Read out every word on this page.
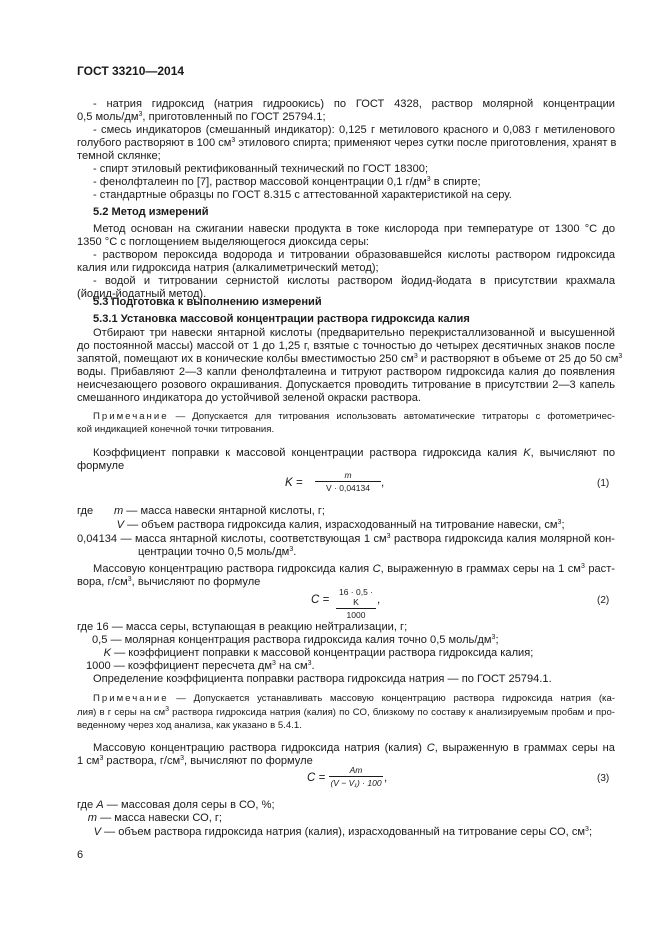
ГОСТ 33210—2014
- натрия гидроксид (натрия гидроокись) по ГОСТ 4328, раствор молярной концентрации
0,5 моль/$дм^3$, приготовленный по ГОСТ 25794.1;
- смесь индикаторов (смешанный индикатор): 0,125 г метилового красного и 0,083 г метиленового
голубого растворяют в 100 $см^3$ этилового спирта; применяют через сутки после приготовления, хранят в
темной склянке;
- спирт этиловый ректификованный технический по ГОСТ 18300;
- фенолфталеин по [7], раствор массовой концентрации 0,1 $г/дм^3$ в спирте;
- стандартные образцы по ГОСТ 8.315 с аттестованной характеристикой на серу.
5.2 Метод измерений
Метод основан на сжигании навески продукта в токе кислорода при температуре от 1300 °С до
1350 °С с поглощением выделяющегося диоксида серы:
- раствором пероксида водорода и титровании образовавшейся кислоты раствором гидроксида
калия или гидроксида натрия (алкалиметрический метод);
- водой и титровании сернистой кислоты раствором йодид-йодата в присутствии крахмала
(йодид-йодатный метод).
5.3 Подготовка к выполнению измерений
5.3.1 Установка массовой концентрации раствора гидроксида калия
Отбирают три навески янтарной кислоты (предварительно перекристаллизованной и высушенной
до постоянной массы) массой от 1 до 1,25 г, взятые с точностью до четырех десятичных знаков после
запятой, помещают их в конические колбы вместимостью 250 $см^3$ и растворяют в объеме от 25 до 50 $см^3$
воды. Прибавляют 2—3 капли фенолфталеина и титруют раствором гидроксида калия до появления
неисчезающего розового окрашивания. Допускается проводить титрование в присутствии 2—3 капель
смешанного индикатора до устойчивой зеленой окраски раствора.
Примечание — Допускается для титрования использовать автоматические титраторы с фотометричес-
кой индикацией конечной точки титрования.
Коэффициент поправки к массовой концентрации раствора гидроксида калия K, вычисляют по
формуле
$K = \frac{m}{V \cdot 0,04134}$ ,	(1)
где m — масса навески янтарной кислоты, г;
V — объем раствора гидроксида калия, израсходованный на титрование навески, $см^3$;
0,04134 — масса янтарной кислоты, соответствующая 1 $см^3$ раствора гидроксида калия молярной кон-
центрации точно 0,5 моль/$дм^3$.
Массовую концентрацию раствора гидроксида калия C, выраженную в граммах серы на 1 $см^3$ раст-
вора, $г/см^3$, вычисляют по формуле
$C = \frac{16 \cdot 0,5 \cdot K}{1000}$ ,	(2)
где 16 — масса серы, вступающая в реакцию нейтрализации, г;
0,5 — молярная концентрация раствора гидроксида калия точно 0,5 моль/$дм^3$;
K — коэффициент поправки к массовой концентрации раствора гидроксида калия;
1000 — коэффициент пересчета $дм^3$ на $см^3$.
Определение коэффициента поправки раствора гидроксида натрия — по ГОСТ 25794.1.
Примечание — Допускается устанавливать массовую концентрацию раствора гидроксида натрия (ка-
лия) в г серы на $см^3$ раствора гидроксида натрия (калия) по СО, близкому по составу к анализируемым пробам и про-
веденному через ход анализа, как указано в 5.4.1.
Массовую концентрацию раствора гидроксида натрия (калия) C, выраженную в граммах серы на
1 $см^3$ раствора, $г/см^3$, вычисляют по формуле
$C = \frac{Am}{\text{(V − V₁) · 100}}$ ,	(3)
где A — массовая доля серы в СО, %;
m — масса навески СО, г;
V — объем раствора гидроксида натрия (калия), израсходованный на титрование серы СО, $см^3$;
6
